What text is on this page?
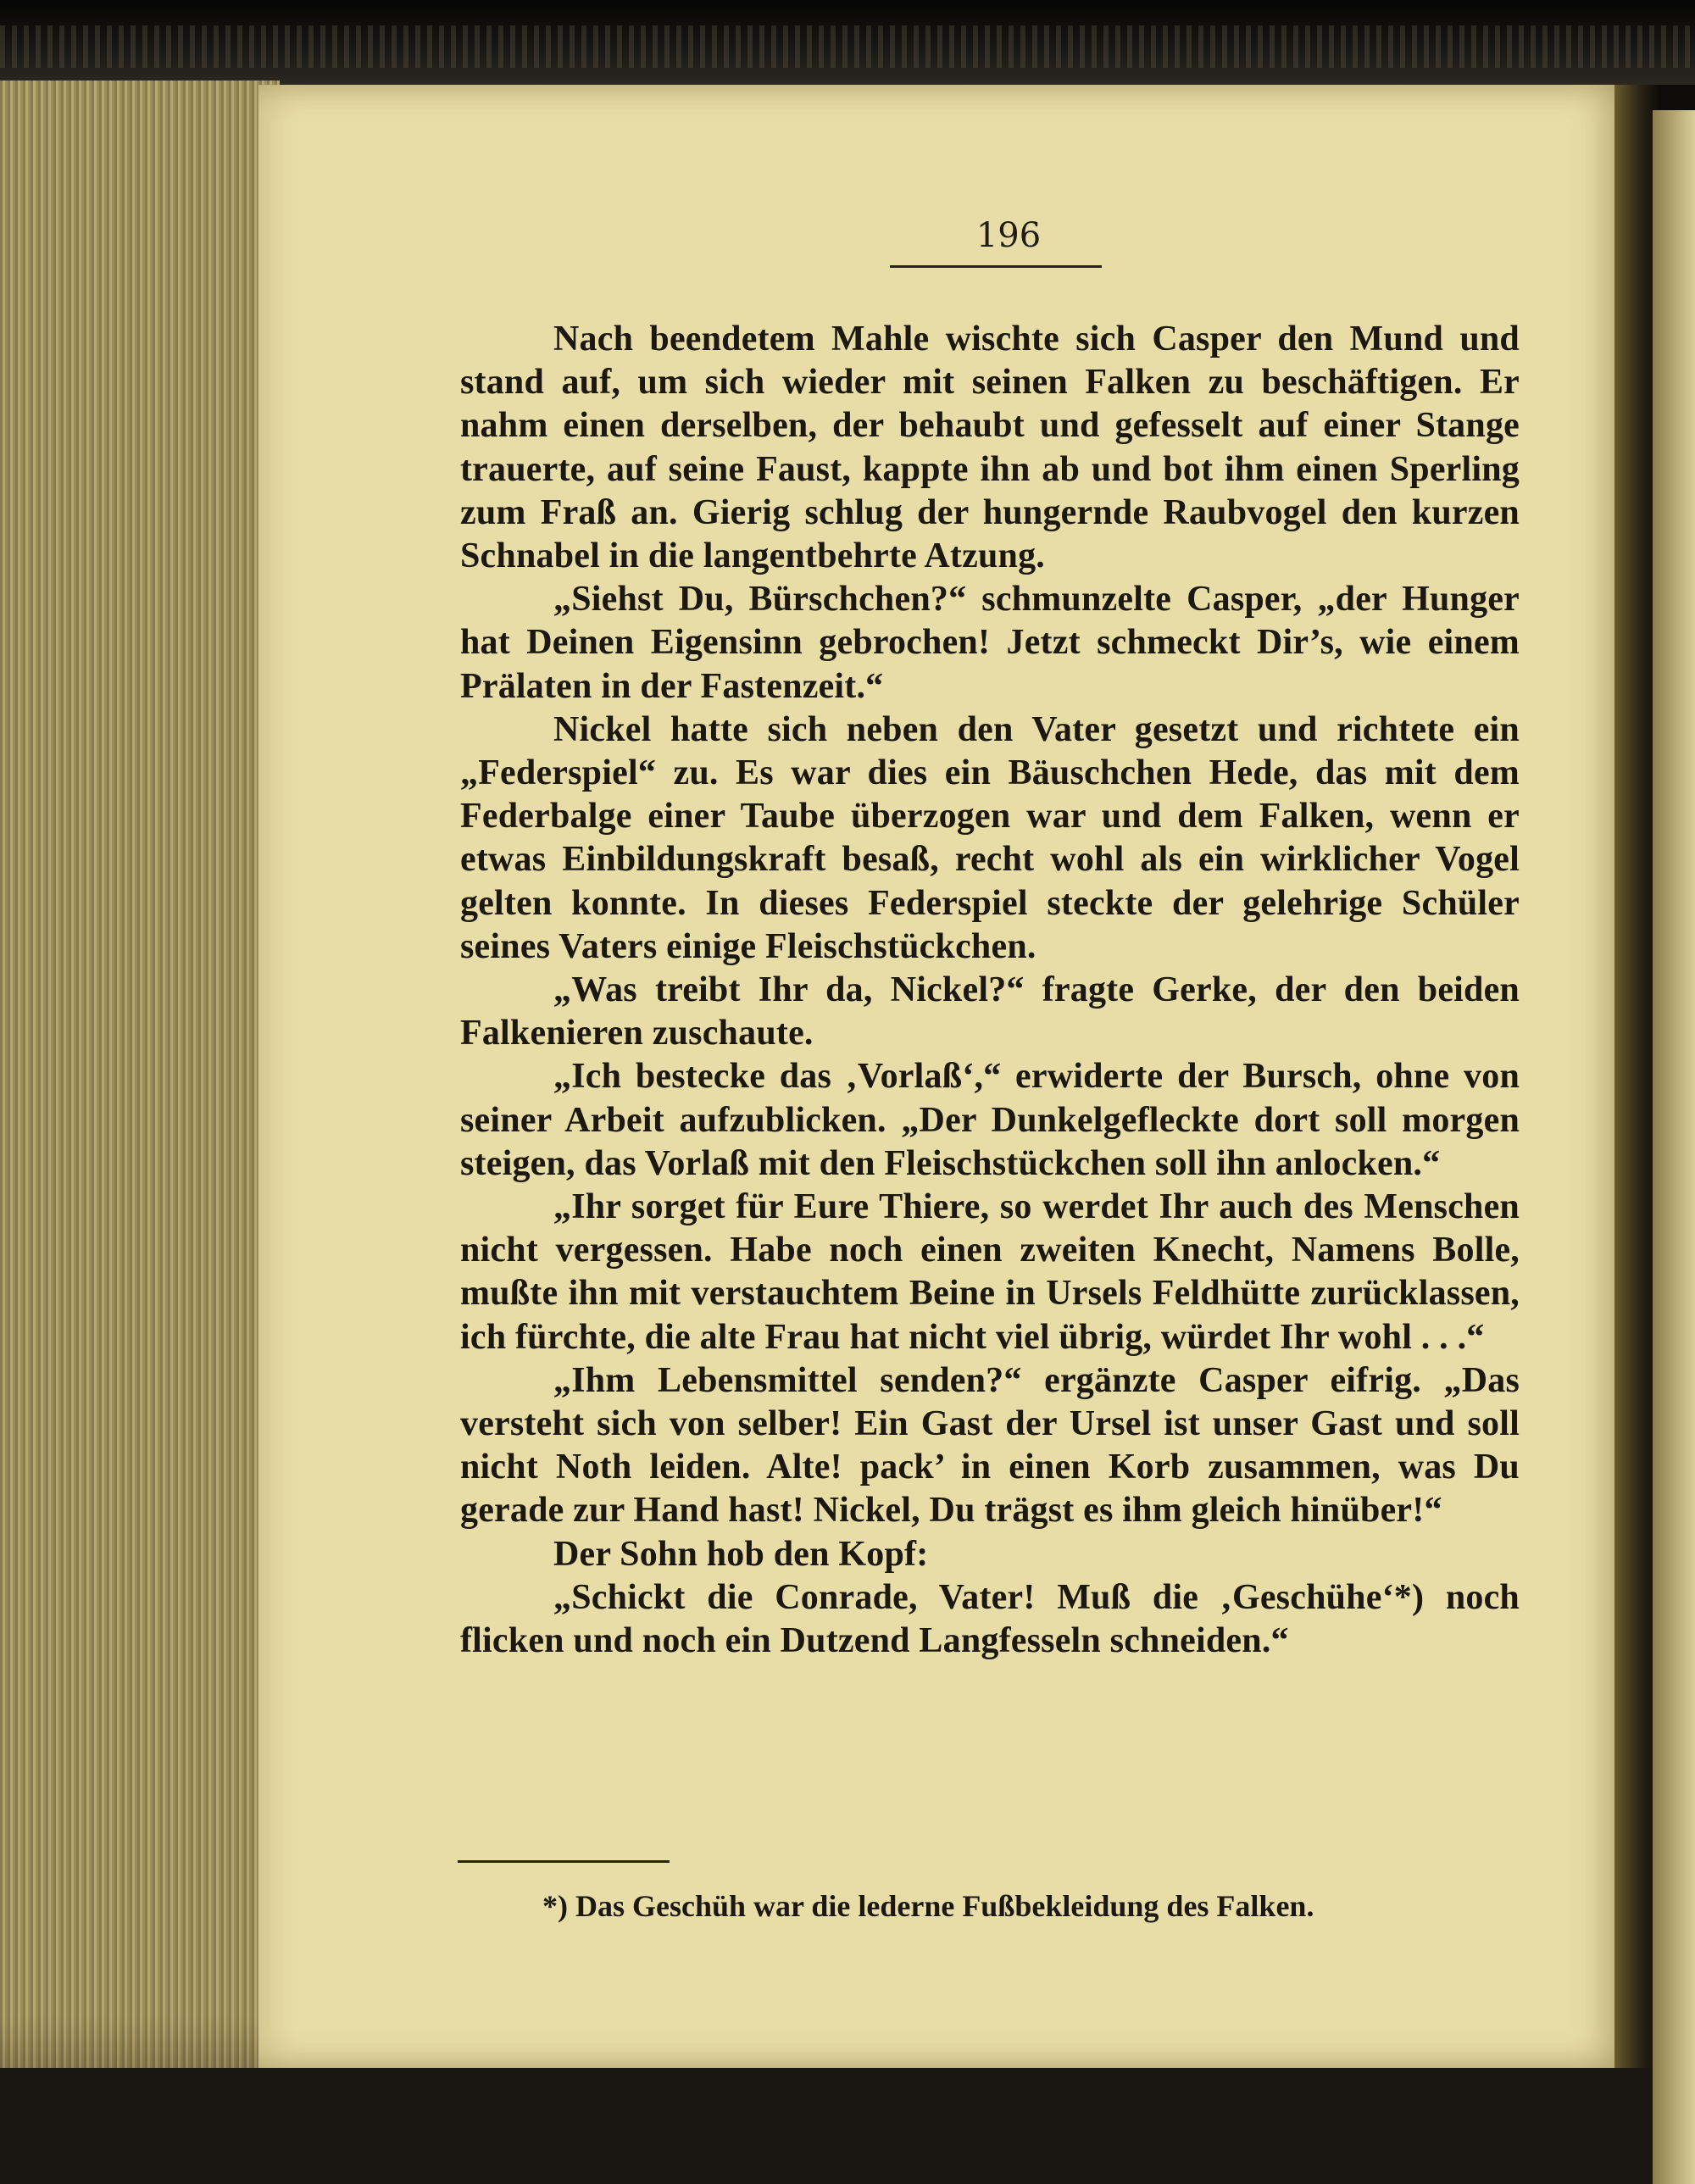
196

Nach beendetem Mahle wischte sich Casper den Mund und stand auf, um sich wieder mit seinen Falken zu beschäftigen. Er nahm einen derselben, der behaubt und gefesselt auf einer Stange trauerte, auf seine Faust, kappte ihn ab und bot ihm einen Sperling zum Fraß an. Gierig schlug der hungernde Raubvogel den kurzen Schnabel in die langentbehrte Atzung.

„Siehst Du, Bürschchen?“ schmunzelte Casper, „der Hunger hat Deinen Eigensinn gebrochen! Jetzt schmeckt Dir’s, wie einem Prälaten in der Fastenzeit.“

Nickel hatte sich neben den Vater gesetzt und richtete ein „Federspiel“ zu. Es war dies ein Bäuschchen Hede, das mit dem Federbalge einer Taube überzogen war und dem Falken, wenn er etwas Einbildungskraft besaß, recht wohl als ein wirklicher Vogel gelten konnte. In dieses Federspiel steckte der gelehrige Schüler seines Vaters einige Fleischstückchen.

„Was treibt Ihr da, Nickel?“ fragte Gerke, der den beiden Falkenieren zuschaute.

„Ich bestecke das ‚Vorlaß‘,“ erwiderte der Bursch, ohne von seiner Arbeit aufzublicken. „Der Dunkelgefleckte dort soll morgen steigen, das Vorlaß mit den Fleischstückchen soll ihn anlocken.“

„Ihr sorget für Eure Thiere, so werdet Ihr auch des Menschen nicht vergessen. Habe noch einen zweiten Knecht, Namens Bolle, mußte ihn mit verstauchtem Beine in Ursels Feldhütte zurücklassen, ich fürchte, die alte Frau hat nicht viel übrig, würdet Ihr wohl . . .“

„Ihm Lebensmittel senden?“ ergänzte Casper eifrig. „Das versteht sich von selber! Ein Gast der Ursel ist unser Gast und soll nicht Noth leiden. Alte! pack’ in einen Korb zusammen, was Du gerade zur Hand hast! Nickel, Du trägst es ihm gleich hinüber!“

Der Sohn hob den Kopf:

„Schickt die Conrade, Vater! Muß die ‚Geschühe‘*) noch flicken und noch ein Dutzend Langfesseln schneiden.“

*) Das Geschüh war die lederne Fußbekleidung des Falken.
